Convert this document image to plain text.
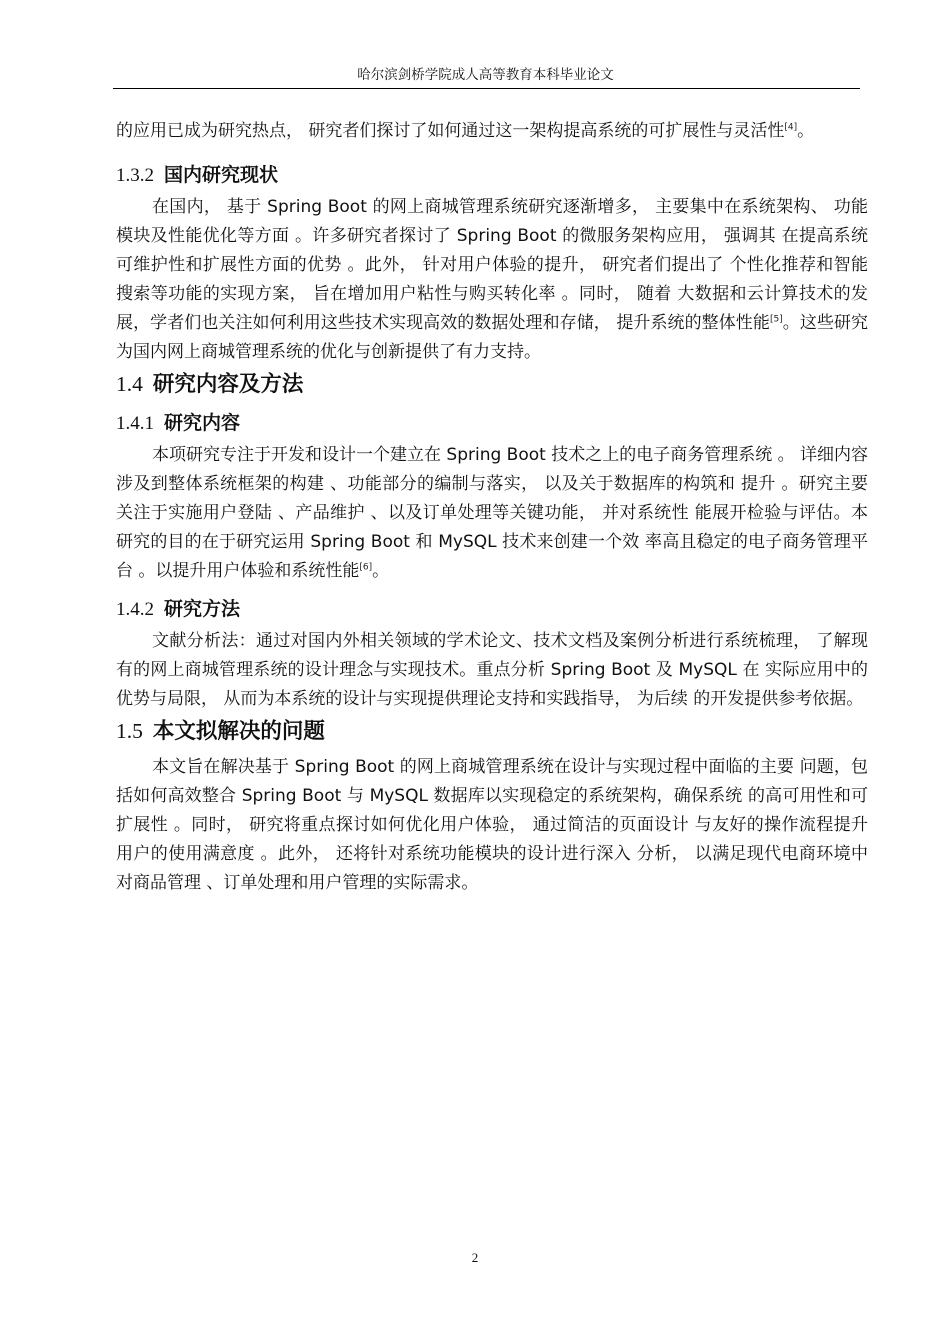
哈尔滨剑桥学院成人高等教育本科毕业论文

的应用已成为研究热点， 研究者们探讨了如何通过这一架构提高系统的可扩展性与灵活性[4]。

1.3.2 国内研究现状

在国内， 基于 Spring Boot 的网上商城管理系统研究逐渐增多， 主要集中在系统架构、 功能模块及性能优化等方面 。许多研究者探讨了 Spring Boot 的微服务架构应用， 强调其 在提高系统可维护性和扩展性方面的优势 。此外， 针对用户体验的提升， 研究者们提出了 个性化推荐和智能搜索等功能的实现方案， 旨在增加用户粘性与购买转化率 。同时， 随着 大数据和云计算技术的发展，学者们也关注如何利用这些技术实现高效的数据处理和存储， 提升系统的整体性能[5]。这些研究为国内网上商城管理系统的优化与创新提供了有力支持。

1.4 研究内容及方法
1.4.1 研究内容

本项研究专注于开发和设计一个建立在 Spring Boot 技术之上的电子商务管理系统 。 详细内容涉及到整体系统框架的构建 、功能部分的编制与落实， 以及关于数据库的构筑和 提升 。研究主要关注于实施用户登陆 、产品维护 、以及订单处理等关键功能， 并对系统性 能展开检验与评估。本研究的目的在于研究运用 Spring Boot 和 MySQL 技术来创建一个效 率高且稳定的电子商务管理平台 。以提升用户体验和系统性能[6]。

1.4.2 研究方法

文献分析法：通过对国内外相关领域的学术论文、技术文档及案例分析进行系统梳理， 了解现有的网上商城管理系统的设计理念与实现技术。重点分析 Spring Boot 及 MySQL 在 实际应用中的优势与局限， 从而为本系统的设计与实现提供理论支持和实践指导， 为后续 的开发提供参考依据。

1.5 本文拟解决的问题

本文旨在解决基于 Spring Boot 的网上商城管理系统在设计与实现过程中面临的主要 问题，包括如何高效整合 Spring Boot 与 MySQL 数据库以实现稳定的系统架构，确保系统 的高可用性和可扩展性 。同时， 研究将重点探讨如何优化用户体验， 通过简洁的页面设计 与友好的操作流程提升用户的使用满意度 。此外， 还将针对系统功能模块的设计进行深入 分析， 以满足现代电商环境中对商品管理 、订单处理和用户管理的实际需求。

2
